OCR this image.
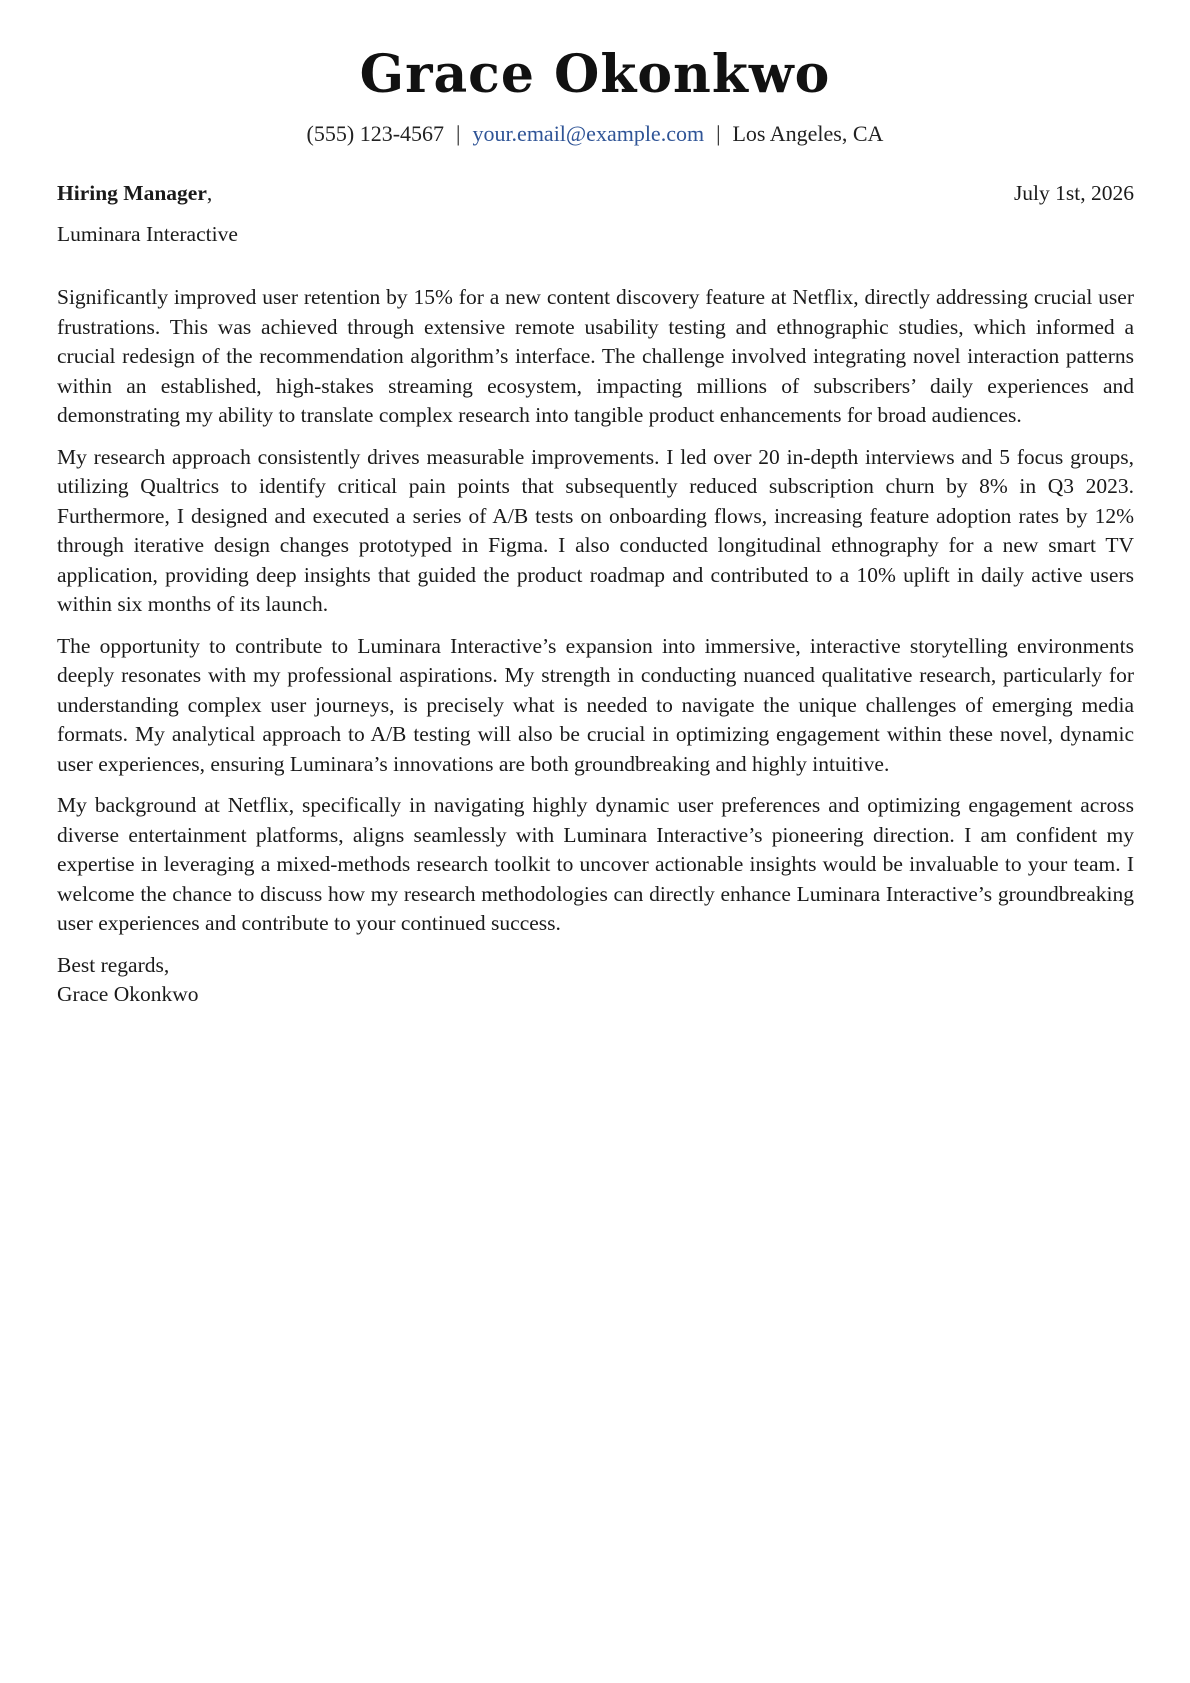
Grace Okonkwo
(555) 123-4567 | your.email@example.com | Los Angeles, CA
Hiring Manager,	July 1st, 2026
Luminara Interactive

Significantly improved user retention by 15% for a new content discovery feature at Netflix, directly addressing crucial user frustrations. This was achieved through extensive remote usability testing and ethnographic studies, which informed a crucial redesign of the recommendation algorithm’s interface. The challenge involved integrating novel interaction patterns within an established, high-stakes streaming ecosystem, impacting millions of subscribers’ daily experiences and demonstrating my ability to translate complex research into tangible product enhancements for broad audiences.

My research approach consistently drives measurable improvements. I led over 20 in-depth interviews and 5 focus groups, utilizing Qualtrics to identify critical pain points that subsequently reduced subscription churn by 8% in Q3 2023. Furthermore, I designed and executed a series of A/B tests on onboarding flows, increasing feature adoption rates by 12% through iterative design changes prototyped in Figma. I also conducted longitudinal ethnography for a new smart TV application, providing deep insights that guided the product roadmap and contributed to a 10% uplift in daily active users within six months of its launch.

The opportunity to contribute to Luminara Interactive’s expansion into immersive, interactive storytelling environments deeply resonates with my professional aspirations. My strength in conducting nuanced qualitative research, particularly for understanding complex user journeys, is precisely what is needed to navigate the unique challenges of emerging media formats. My analytical approach to A/B testing will also be crucial in optimizing engagement within these novel, dynamic user experiences, ensuring Luminara’s innovations are both groundbreaking and highly intuitive.

My background at Netflix, specifically in navigating highly dynamic user preferences and optimizing engagement across diverse entertainment platforms, aligns seamlessly with Luminara Interactive’s pioneering direction. I am confident my expertise in leveraging a mixed-methods research toolkit to uncover actionable insights would be invaluable to your team. I welcome the chance to discuss how my research methodologies can directly enhance Luminara Interactive’s groundbreaking user experiences and contribute to your continued success.

Best regards,
Grace Okonkwo
